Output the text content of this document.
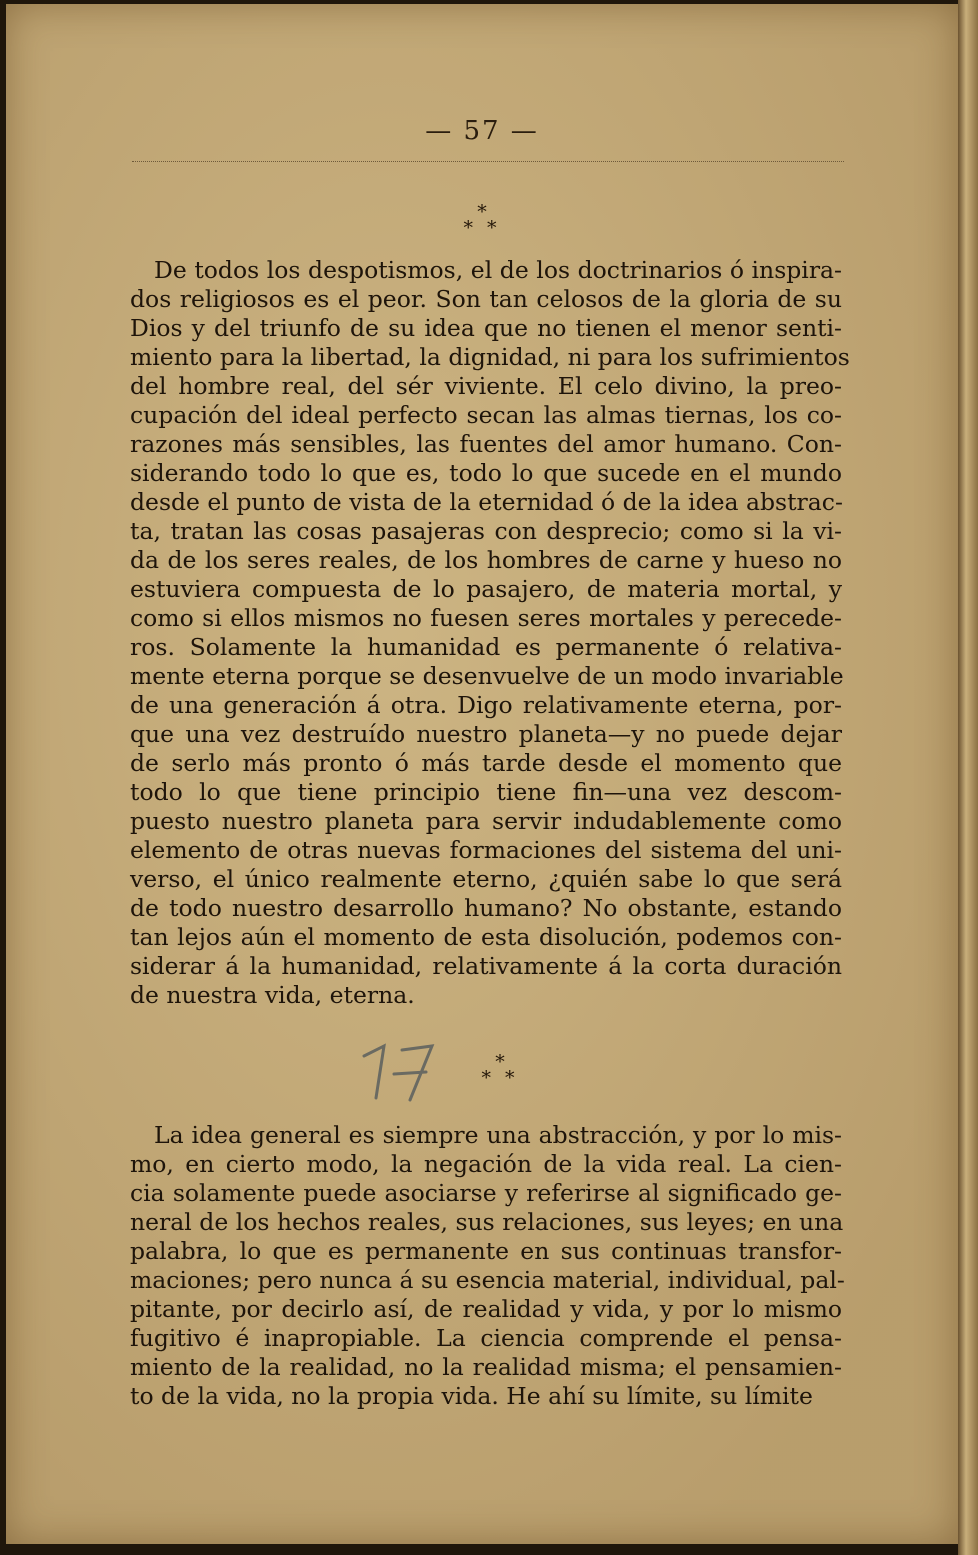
— 57 —
*
* *
De todos los despotismos, el de los doctrinarios ó inspira-
dos religiosos es el peor. Son tan celosos de la gloria de su
Dios y del triunfo de su idea que no tienen el menor senti-
miento para la libertad, la dignidad, ni para los sufrimientos
del hombre real, del sér viviente. El celo divino, la preo-
cupación del ideal perfecto secan las almas tiernas, los co-
razones más sensibles, las fuentes del amor humano. Con-
siderando todo lo que es, todo lo que sucede en el mundo
desde el punto de vista de la eternidad ó de la idea abstrac-
ta, tratan las cosas pasajeras con desprecio; como si la vi-
da de los seres reales, de los hombres de carne y hueso no
estuviera compuesta de lo pasajero, de materia mortal, y
como si ellos mismos no fuesen seres mortales y perecede-
ros. Solamente la humanidad es permanente ó relativa-
mente eterna porque se desenvuelve de un modo invariable
de una generación á otra. Digo relativamente eterna, por-
que una vez destruído nuestro planeta—y no puede dejar
de serlo más pronto ó más tarde desde el momento que
todo lo que tiene principio tiene fin—una vez descom-
puesto nuestro planeta para servir indudablemente como
elemento de otras nuevas formaciones del sistema del uni-
verso, el único realmente eterno, ¿quién sabe lo que será
de todo nuestro desarrollo humano? No obstante, estando
tan lejos aún el momento de esta disolución, podemos con-
siderar á la humanidad, relativamente á la corta duración
de nuestra vida, eterna.
*
* *
La idea general es siempre una abstracción, y por lo mis-
mo, en cierto modo, la negación de la vida real. La cien-
cia solamente puede asociarse y referirse al significado ge-
neral de los hechos reales, sus relaciones, sus leyes; en una
palabra, lo que es permanente en sus continuas transfor-
maciones; pero nunca á su esencia material, individual, pal-
pitante, por decirlo así, de realidad y vida, y por lo mismo
fugitivo é inapropiable. La ciencia comprende el pensa-
miento de la realidad, no la realidad misma; el pensamien-
to de la vida, no la propia vida. He ahí su límite, su límite
